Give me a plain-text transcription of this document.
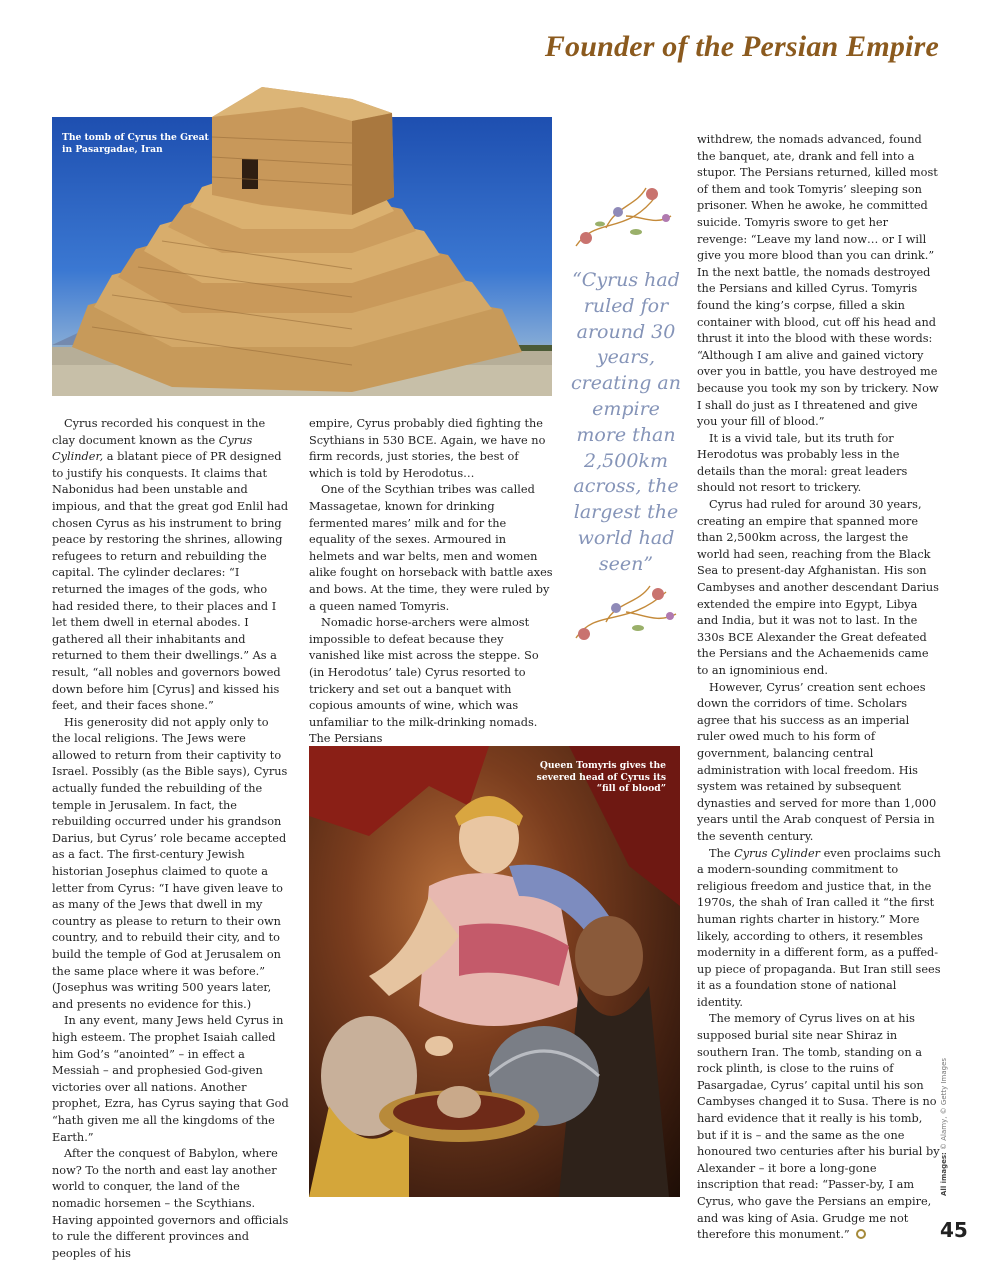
Founder of the Persian Empire
The tomb of Cyrus the Great in Pasargadae, Iran
“Cyrus had ruled for around 30 years, creating an empire more than 2,500km across, the largest the world had seen”

Cyrus recorded his conquest in the clay document known as the Cyrus Cylinder, a blatant piece of PR designed to justify his conquests. It claims that Nabonidus had been unstable and impious, and that the great god Enlil had chosen Cyrus as his instrument to bring peace by restoring the shrines, allowing refugees to return and rebuilding the capital. The cylinder declares: “I returned the images of the gods, who had resided there, to their places and I let them dwell in eternal abodes. I gathered all their inhabitants and returned to them their dwellings.” As a result, “all nobles and governors bowed down before him [Cyrus] and kissed his feet, and their faces shone.”

His generosity did not apply only to the local religions. The Jews were allowed to return from their captivity to Israel. Possibly (as the Bible says), Cyrus actually funded the rebuilding of the temple in Jerusalem. In fact, the rebuilding occurred under his grandson Darius, but Cyrus’ role became accepted as a fact. The first-century Jewish historian Josephus claimed to quote a letter from Cyrus: “I have given leave to as many of the Jews that dwell in my country as please to return to their own country, and to rebuild their city, and to build the temple of God at Jerusalem on the same place where it was before.” (Josephus was writing 500 years later, and presents no evidence for this.)

In any event, many Jews held Cyrus in high esteem. The prophet Isaiah called him God’s “anointed” – in effect a Messiah – and prophesied God-given victories over all nations. Another prophet, Ezra, has Cyrus saying that God “hath given me all the kingdoms of the Earth.”

After the conquest of Babylon, where now? To the north and east lay another world to conquer, the land of the nomadic horsemen – the Scythians. Having appointed governors and officials to rule the different provinces and peoples of his

empire, Cyrus probably died fighting the Scythians in 530 BCE. Again, we have no firm records, just stories, the best of which is told by Herodotus…

One of the Scythian tribes was called Massagetae, known for drinking fermented mares’ milk and for the equality of the sexes. Armoured in helmets and war belts, men and women alike fought on horseback with battle axes and bows. At the time, they were ruled by a queen named Tomyris.

Nomadic horse-archers were almost impossible to defeat because they vanished like mist across the steppe. So (in Herodotus’ tale) Cyrus resorted to trickery and set out a banquet with copious amounts of wine, which was unfamiliar to the milk-drinking nomads. The Persians

Queen Tomyris gives the severed head of Cyrus its “fill of blood”

withdrew, the nomads advanced, found the banquet, ate, drank and fell into a stupor. The Persians returned, killed most of them and took Tomyris’ sleeping son prisoner. When he awoke, he committed suicide. Tomyris swore to get her revenge: “Leave my land now… or I will give you more blood than you can drink.” In the next battle, the nomads destroyed the Persians and killed Cyrus. Tomyris found the king’s corpse, filled a skin container with blood, cut off his head and thrust it into the blood with these words: “Although I am alive and gained victory over you in battle, you have destroyed me because you took my son by trickery. Now I shall do just as I threatened and give you your fill of blood.”

It is a vivid tale, but its truth for Herodotus was probably less in the details than the moral: great leaders should not resort to trickery.

Cyrus had ruled for around 30 years, creating an empire that spanned more than 2,500km across, the largest the world had seen, reaching from the Black Sea to present-day Afghanistan. His son Cambyses and another descendant Darius extended the empire into Egypt, Libya and India, but it was not to last. In the 330s BCE Alexander the Great defeated the Persians and the Achaemenids came to an ignominious end.

However, Cyrus’ creation sent echoes down the corridors of time. Scholars agree that his success as an imperial ruler owed much to his form of government, balancing central administration with local freedom. His system was retained by subsequent dynasties and served for more than 1,000 years until the Arab conquest of Persia in the seventh century.

The Cyrus Cylinder even proclaims such a modern-sounding commitment to religious freedom and justice that, in the 1970s, the shah of Iran called it “the first human rights charter in history.” More likely, according to others, it resembles modernity in a different form, as a puffed-up piece of propaganda. But Iran still sees it as a foundation stone of national identity.

The memory of Cyrus lives on at his supposed burial site near Shiraz in southern Iran. The tomb, standing on a rock plinth, is close to the ruins of Pasargadae, Cyrus’ capital until his son Cambyses changed it to Susa. There is no hard evidence that it really is his tomb, but if it is – and the same as the one honoured two centuries after his burial by Alexander – it bore a long-gone inscription that read: “Passer-by, I am Cyrus, who gave the Persians an empire, and was king of Asia. Grudge me not therefore this monument.”

All images: © Alamy, © Getty Images
45
